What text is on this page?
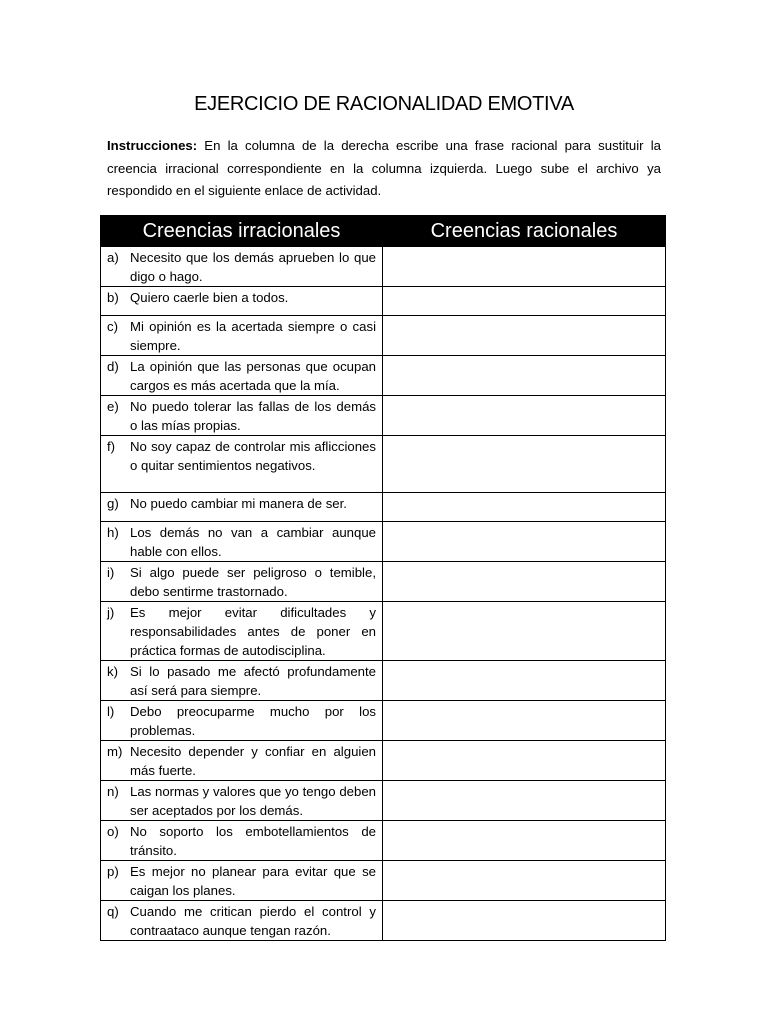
EJERCICIO DE RACIONALIDAD EMOTIVA
Instrucciones: En la columna de la derecha escribe una frase racional para sustituir la creencia irracional correspondiente en la columna izquierda. Luego sube el archivo ya respondido en el siguiente enlace de actividad.
Creencias irracionales	Creencias racionales

a) Necesito que los demás aprueben lo que digo o hago.	

b) Quiero caerle bien a todos.	

c) Mi opinión es la acertada siempre o casi siempre.	

d) La opinión que las personas que ocupan cargos es más acertada que la mía.	

e) No puedo tolerar las fallas de los demás o las mías propias.	

f) No soy capaz de controlar mis aflicciones o quitar sentimientos negativos.	

g) No puedo cambiar mi manera de ser.	

h) Los demás no van a cambiar aunque hable con ellos.	

i) Si algo puede ser peligroso o temible, debo sentirme trastornado.	

j) Es mejor evitar dificultades y responsabilidades antes de poner en práctica formas de autodisciplina.	

k) Si lo pasado me afectó profundamente así será para siempre.	

l) Debo preocuparme mucho por los problemas.	

m) Necesito depender y confiar en alguien más fuerte.	

n) Las normas y valores que yo tengo deben ser aceptados por los demás.	

o) No soporto los embotellamientos de tránsito.	

p) Es mejor no planear para evitar que se caigan los planes.	

q) Cuando me critican pierdo el control y contraataco aunque tengan razón.	
